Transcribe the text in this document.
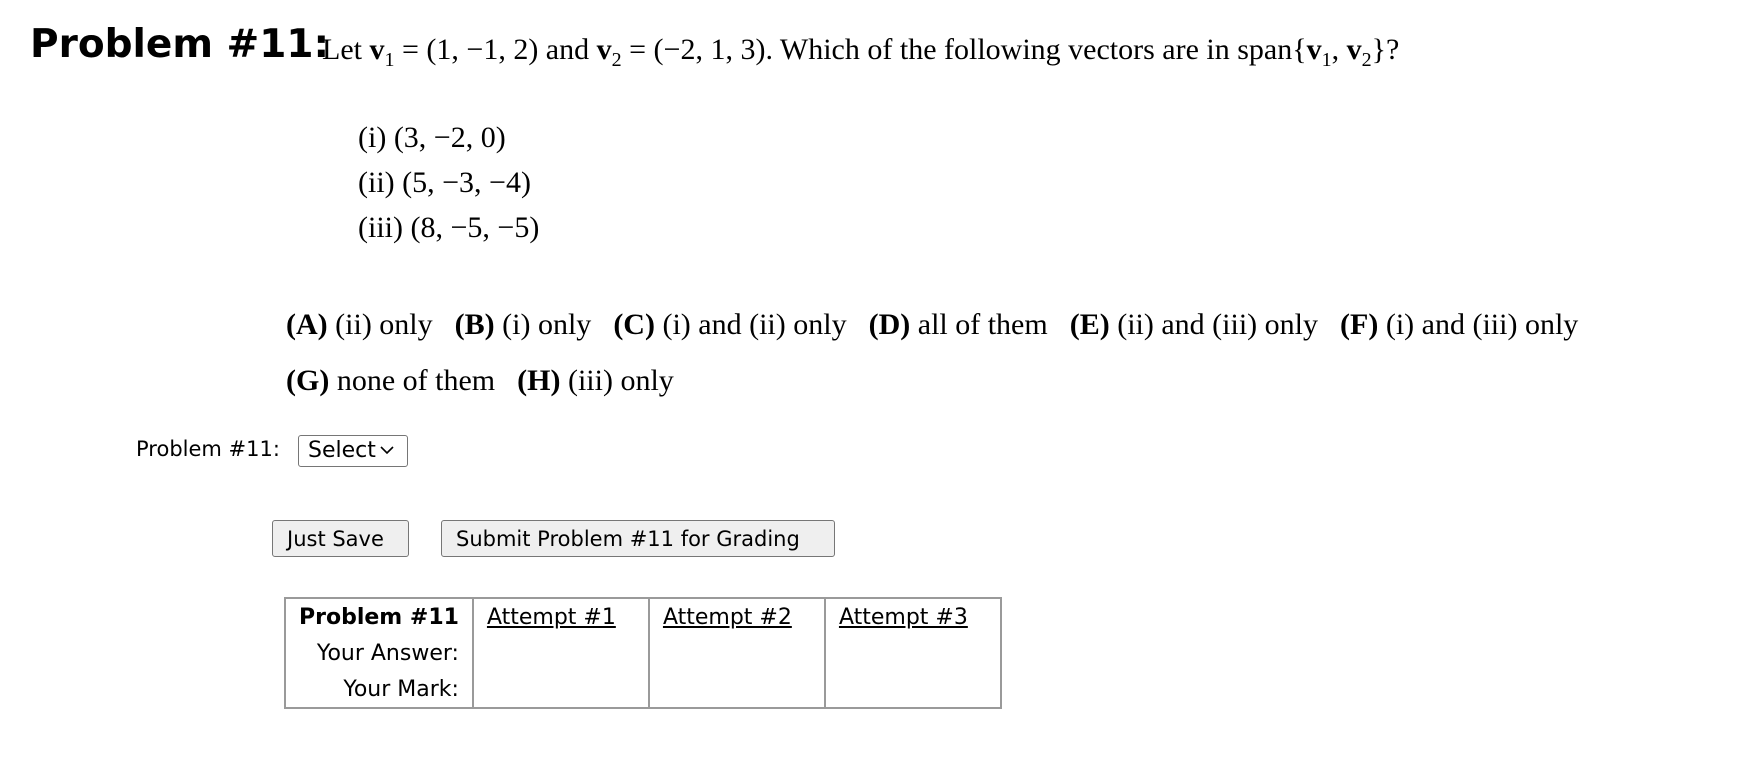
Problem #11:
Let $v_1 = (1$, −1, 2) and $v_2 = (-2$, 1, 3). Which of the following vectors are in $span\{v_1$, $v_2$}?
(i) (3, −2, 0)
(ii) (5, −3, −4)
(iii) (8, −5, −5)
(A) (ii) only (B) (i) only (C) (i) and (ii) only (D) all of them (E) (ii) and (iii) only (F) (i) and (iii) only
(G) none of them (H) (iii) only
Problem #11:	Select
Just Save	Submit Problem #11 for Grading
Problem #11	Attempt #1	Attempt #2	Attempt #3
Your Answer:			
Your Mark:			
